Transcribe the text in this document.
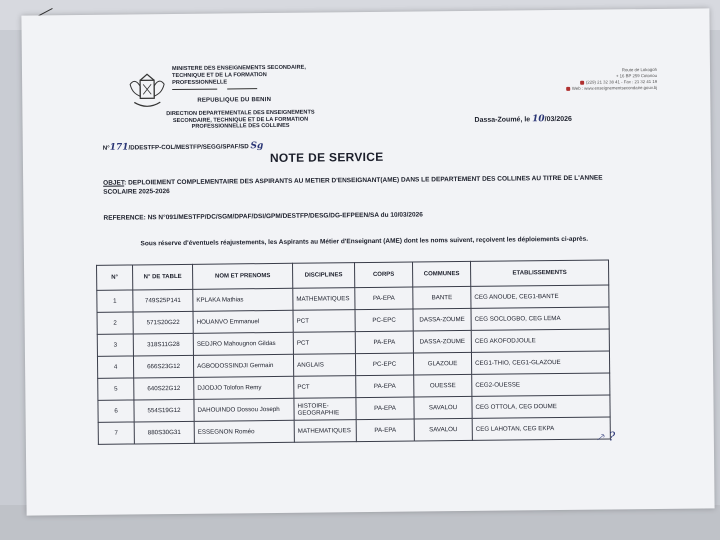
MINISTERE DES ENSEIGNEMENTS SECONDAIRE, TECHNIQUE ET DE LA FORMATION PROFESSIONNELLE
REPUBLIQUE DU BENIN
DIRECTION DEPARTEMENTALE DES ENSEIGNEMENTS SECONDAIRE, TECHNIQUE ET DE LA FORMATION PROFESSIONNELLE DES COLLINES
Route de Lokogoh
+ 16 BP 259 Cotonou
(229) 21 32 38 41 - Fax : 21 32 41 19
Web : www.enseignementsecondaire.gouv.bj
Dassa-Zoumé, le 10/03/2026
N°171/DDESTFP-COL/MESTFP/SEGG/SPAF/SD Sg
NOTE DE SERVICE
OBJET: DEPLOIEMENT COMPLEMENTAIRE DES ASPIRANTS AU METIER D'ENSEIGNANT(AME) DANS LE DEPARTEMENT DES COLLINES AU TITRE DE L'ANNEE SCOLAIRE 2025-2026
REFERENCE: NS N°091/MESTFP/DC/SGM/DPAF/DSI/GPM/DESTFP/DESG/DG-EFPEEN/SA du 10/03/2026
Sous réserve d'éventuels réajustements, les Aspirants au Métier d'Enseignant (AME) dont les noms suivent, reçoivent les déploiements ci-après.
N°	N° DE TABLE	NOM ET PRENOMS	DISCIPLINES	CORPS	COMMUNES	ETABLISSEMENTS
1	749S25P141	KPLAKA Mathias	MATHEMATIQUES	PA-EPA	BANTE	CEG ANOUDE, CEG1-BANTE
2	571S20G22	HOUANVO Emmanuel	PCT	PC-EPC	DASSA-ZOUME	CEG SOCLOGBO, CEG LEMA
3	318S11G28	SEDJRO Mahougnon Gildas	PCT	PA-EPA	DASSA-ZOUME	CEG AKOFODJOULE
4	666S23G12	AGBODOSSINDJI Germain	ANGLAIS	PC-EPC	GLAZOUE	CEG1-THIO, CEG1-GLAZOUE
5	640S22G12	DJODJO Tolofon Remy	PCT	PA-EPA	OUESSE	CEG2-OUESSE
6	554S19G12	DAHOUINDO Dossou Joseph	HISTOIRE-GEOGRAPHIE	PA-EPA	SAVALOU	CEG OTTOLA, CEG DOUME
7	880S30G31	ESSEGNON Roméo	MATHEMATIQUES	PA-EPA	SAVALOU	CEG LAHOTAN, CEG EKPA
⸕ ?
